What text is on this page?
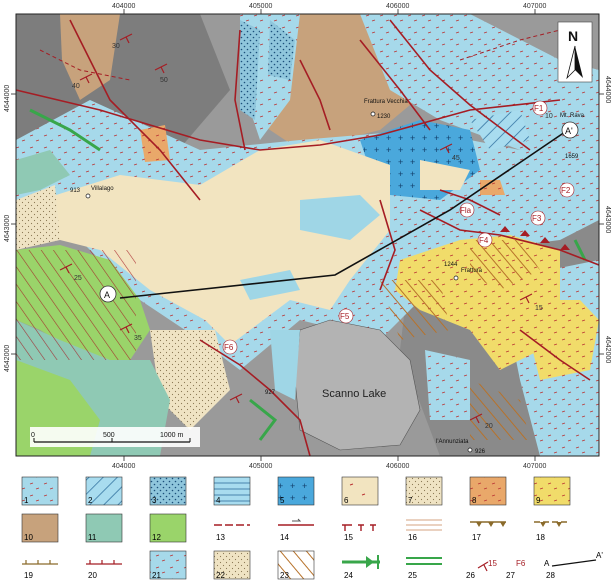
30
40
50
25
35
45
10
15
20
A
A'
F1
F2
F3
F4
F5
F6
Fla
Frattura Vecchia
1230
Villalago
913
Frattura
1244
Mt. Rava
1659
927
l'Annunziata
926
Scanno Lake
N
0	500	1000 m
404000	405000	406000	407000
404000	405000	406000	407000
4644000
4643000
4642000
4644000
4643000
4642000
1	2	3	4	5	6	7	8	9
10	11	12	13	14	15	16	17	18
19	20	21	22	23	24	25
15
26
F6
27
A
A'
28
